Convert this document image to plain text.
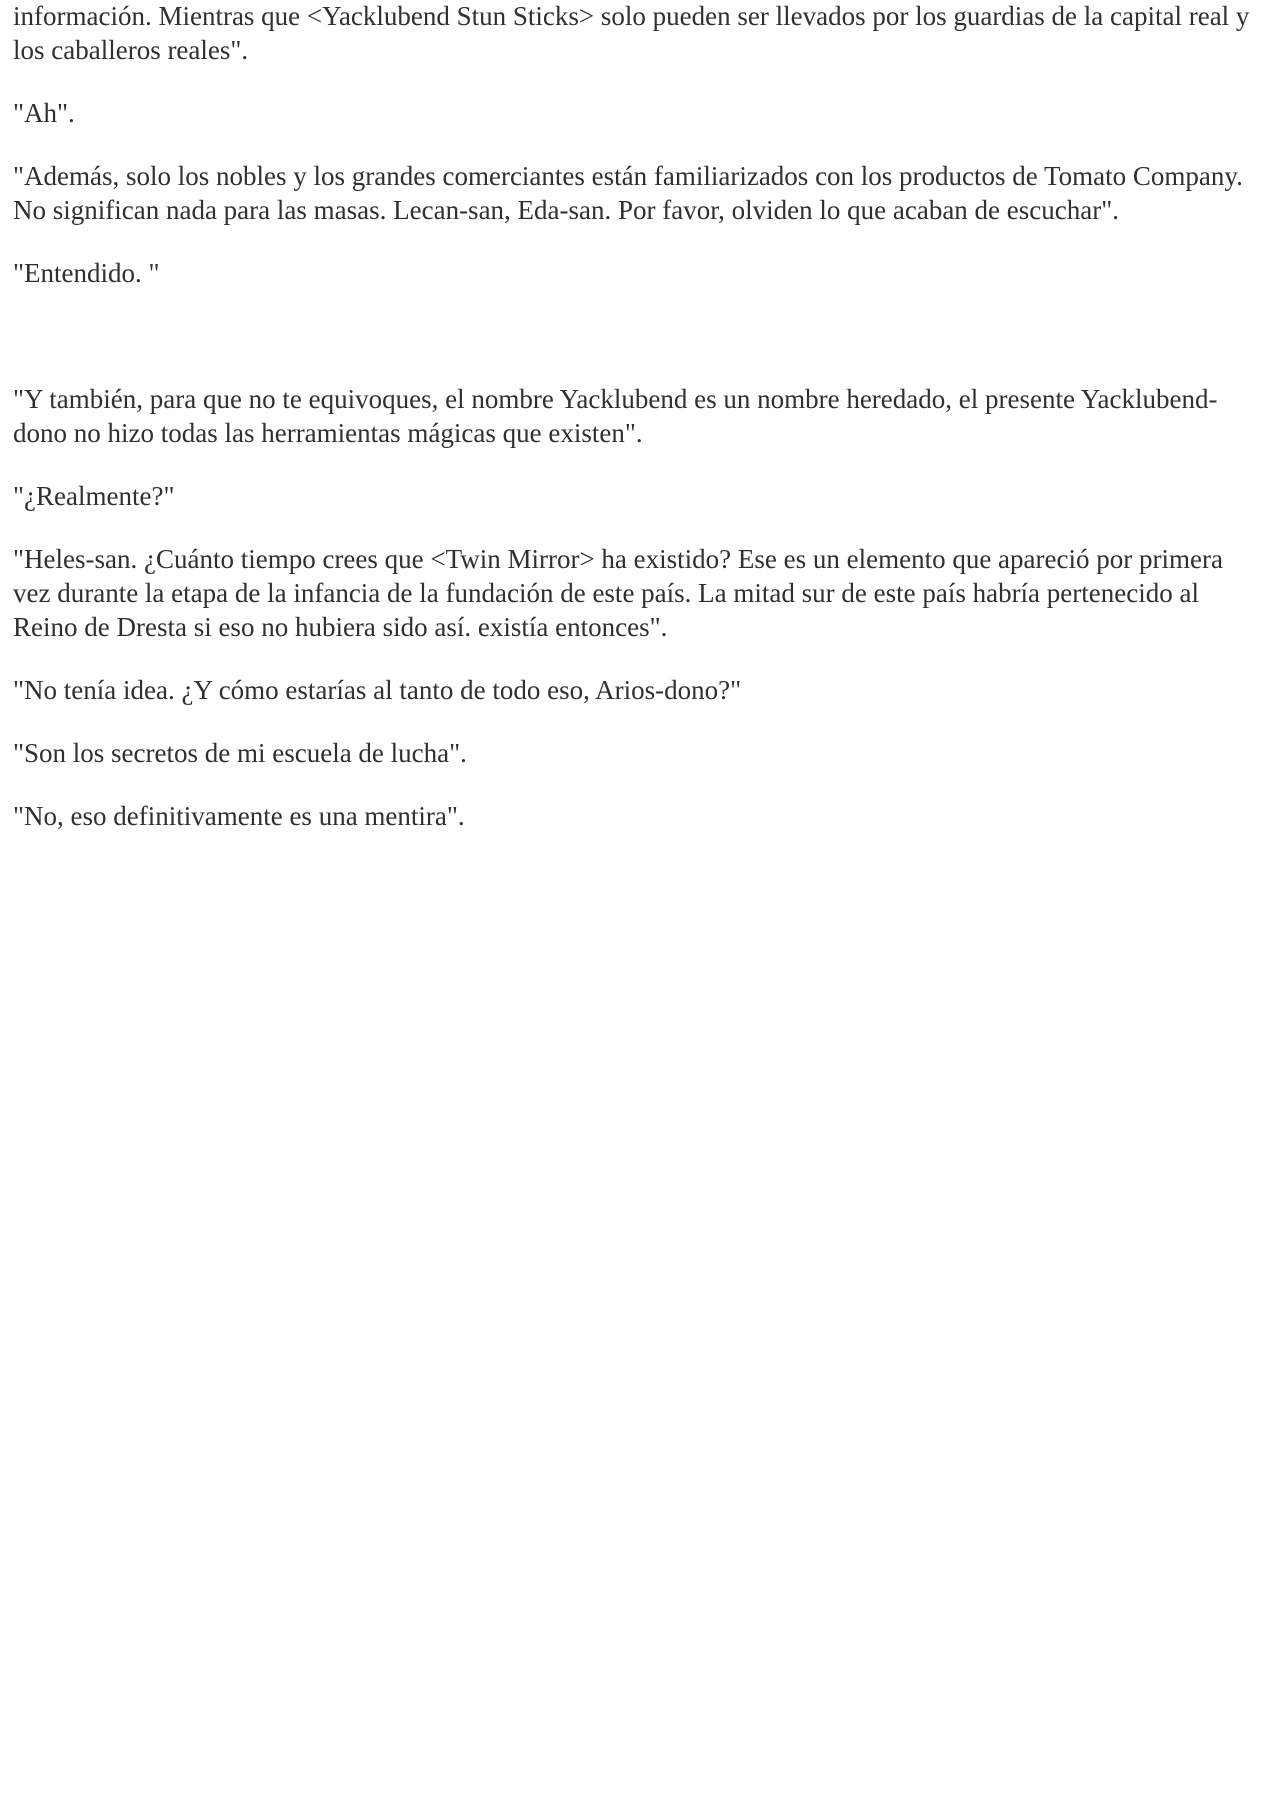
información. Mientras que <Yacklubend Stun Sticks> solo pueden ser llevados por los guardias de la capital real y los caballeros reales".

"Ah".

"Además, solo los nobles y los grandes comerciantes están familiarizados con los productos de Tomato Company. No significan nada para las masas. Lecan-san, Eda-san. Por favor, olviden lo que acaban de escuchar".

"Entendido. "

"Y también, para que no te equivoques, el nombre Yacklubend es un nombre heredado, el presente Yacklubend-dono no hizo todas las herramientas mágicas que existen".

"¿Realmente?"

"Heles-san. ¿Cuánto tiempo crees que <Twin Mirror> ha existido? Ese es un elemento que apareció por primera vez durante la etapa de la infancia de la fundación de este país. La mitad sur de este país habría pertenecido al Reino de Dresta si eso no hubiera sido así. existía entonces".

"No tenía idea. ¿Y cómo estarías al tanto de todo eso, Arios-dono?"

"Son los secretos de mi escuela de lucha".

"No, eso definitivamente es una mentira".
